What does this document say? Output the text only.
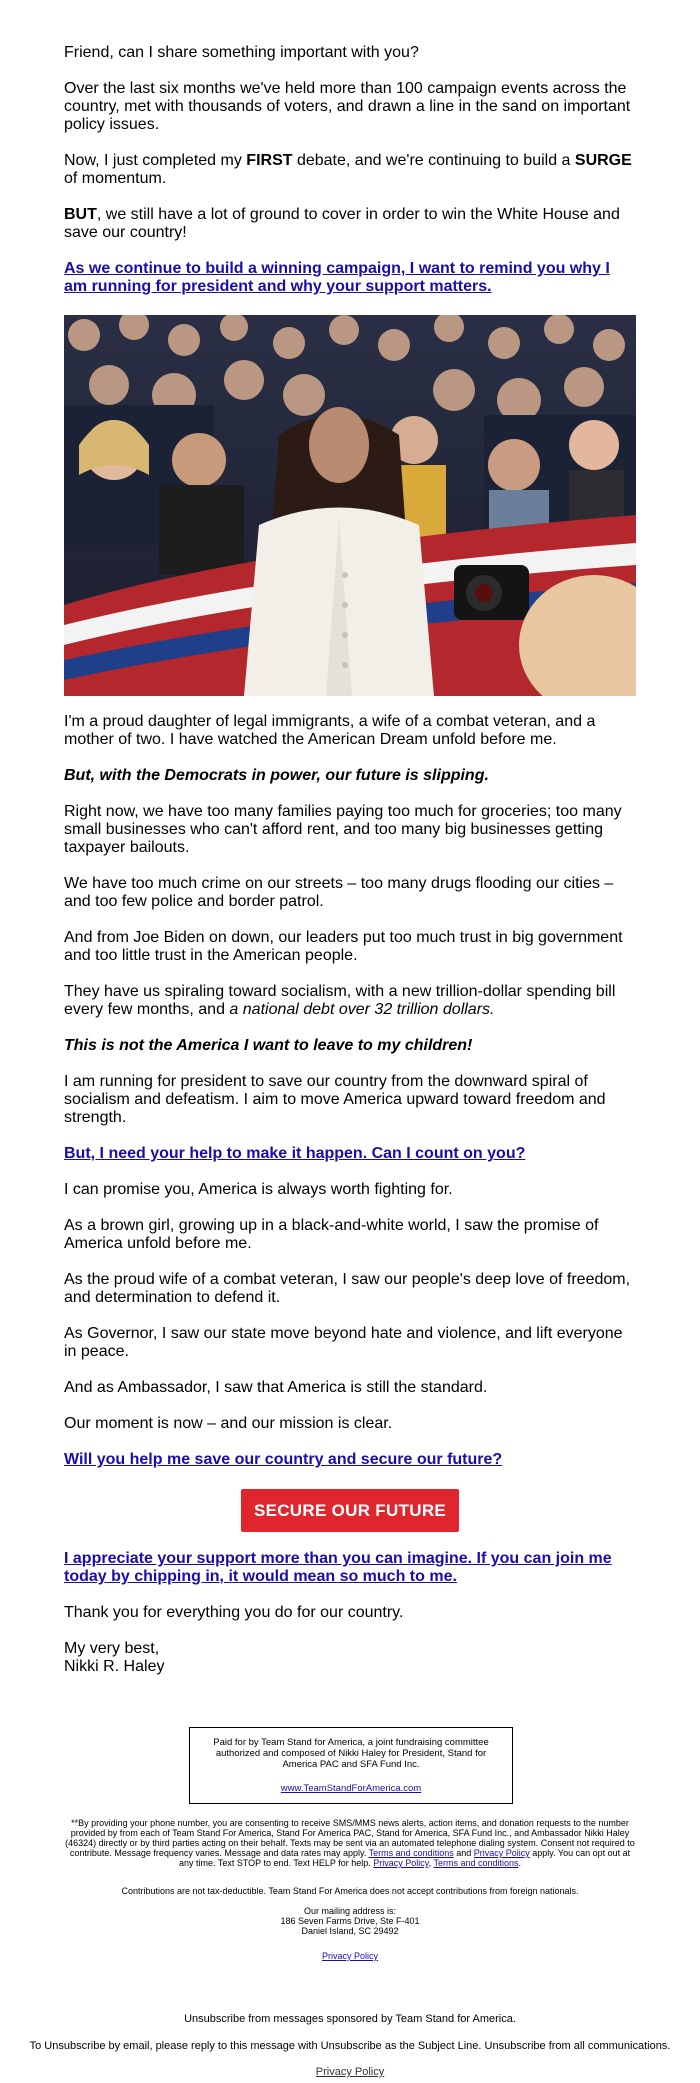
Friend, can I share something important with you?

Over the last six months we've held more than 100 campaign events across the country, met with thousands of voters, and drawn a line in the sand on important policy issues.

Now, I just completed my FIRST debate, and we're continuing to build a SURGE of momentum.

BUT, we still have a lot of ground to cover in order to win the White House and save our country!

As we continue to build a winning campaign, I want to remind you why I am running for president and why your support matters.

I'm a proud daughter of legal immigrants, a wife of a combat veteran, and a mother of two. I have watched the American Dream unfold before me.

But, with the Democrats in power, our future is slipping.

Right now, we have too many families paying too much for groceries; too many small businesses who can't afford rent, and too many big businesses getting taxpayer bailouts.

We have too much crime on our streets – too many drugs flooding our cities – and too few police and border patrol.

And from Joe Biden on down, our leaders put too much trust in big government and too little trust in the American people.

They have us spiraling toward socialism, with a new trillion-dollar spending bill every few months, and a national debt over 32 trillion dollars.

This is not the America I want to leave to my children!

I am running for president to save our country from the downward spiral of socialism and defeatism. I aim to move America upward toward freedom and strength.

But, I need your help to make it happen. Can I count on you?

I can promise you, America is always worth fighting for.

As a brown girl, growing up in a black-and-white world, I saw the promise of America unfold before me.

As the proud wife of a combat veteran, I saw our people's deep love of freedom, and determination to defend it.

As Governor, I saw our state move beyond hate and violence, and lift everyone in peace.

And as Ambassador, I saw that America is still the standard.

Our moment is now – and our mission is clear.

Will you help me save our country and secure our future?

I appreciate your support more than you can imagine. If you can join me today by chipping in, it would mean so much to me.

Thank you for everything you do for our country.

My very best,

Nikki R. Haley

SECURE OUR FUTURE
Paid for by Team Stand for America, a joint fundraising committee authorized and composed of Nikki Haley for President, Stand for America PAC and SFA Fund Inc.
www.TeamStandForAmerica.com
**By providing your phone number, you are consenting to receive SMS/MMS news alerts, action items, and donation requests to the number provided by from each of Team Stand For America, Stand For America PAC, Stand for America, SFA Fund Inc., and Ambassador Nikki Haley (46324) directly or by third parties acting on their behalf. Texts may be sent via an automated telephone dialing system. Consent not required to contribute. Message frequency varies. Message and data rates may apply. Terms and conditions and Privacy Policy apply. You can opt out at any time. Text STOP to end. Text HELP for help. Privacy Policy, Terms and conditions.
Contributions are not tax-deductible. Team Stand For America does not accept contributions from foreign nationals.
Our mailing address is:
186 Seven Farms Drive, Ste F-401
Daniel Island, SC 29492
Privacy Policy
Unsubscribe from messages sponsored by Team Stand for America.
To Unsubscribe by email, please reply to this message with Unsubscribe as the Subject Line. Unsubscribe from all communications.
Privacy Policy
